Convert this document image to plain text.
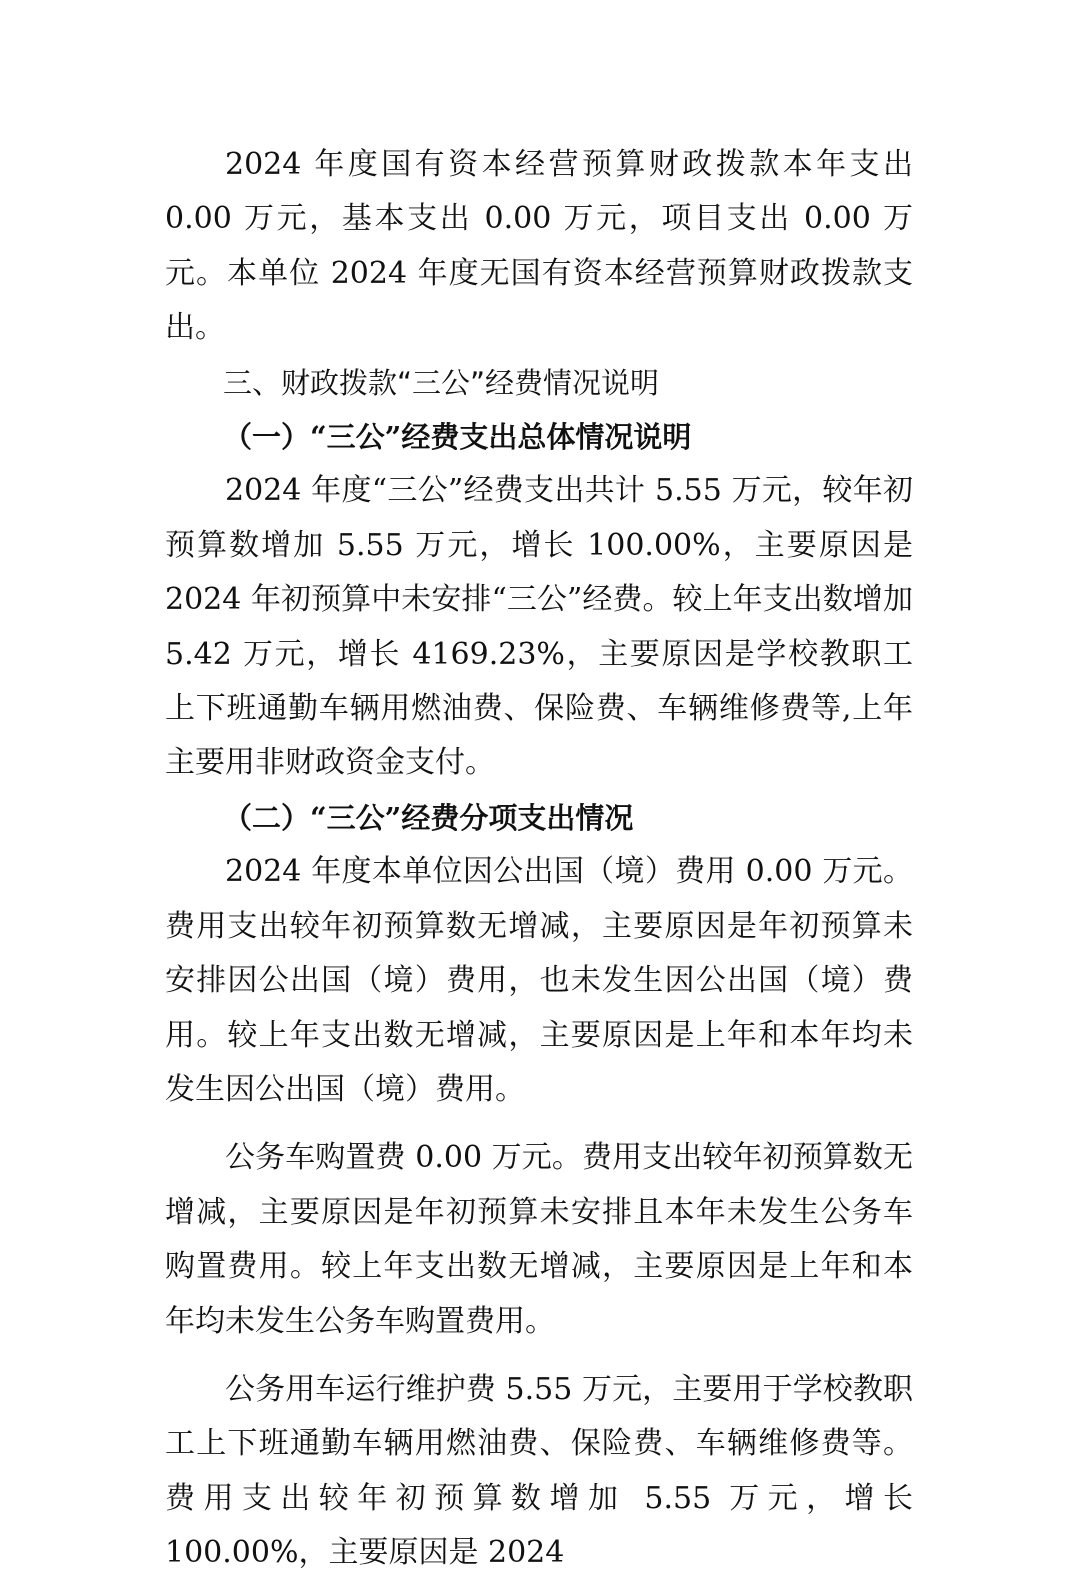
2024 年度国有资本经营预算财政拨款本年支出 0.00 万元，基本支出 0.00 万元，项目支出 0.00 万元。本单位 2024 年度无国有资本经营预算财政拨款支出。

三、财政拨款“三公”经费情况说明

（一）“三公”经费支出总体情况说明

2024 年度“三公”经费支出共计 5.55 万元，较年初预算数增加 5.55 万元，增长 100.00%，主要原因是 2024 年初预算中未安排“三公”经费。较上年支出数增加 5.42 万元，增长 4169.23%，主要原因是学校教职工上下班通勤车辆用燃油费、保险费、车辆维修费等,上年主要用非财政资金支付。

（二）“三公”经费分项支出情况

2024 年度本单位因公出国（境）费用 0.00 万元。费用支出较年初预算数无增减，主要原因是年初预算未安排因公出国（境）费用，也未发生因公出国（境）费用。较上年支出数无增减，主要原因是上年和本年均未发生因公出国（境）费用。

公务车购置费 0.00 万元。费用支出较年初预算数无增减，主要原因是年初预算未安排且本年未发生公务车购置费用。较上年支出数无增减，主要原因是上年和本年均未发生公务车购置费用。

公务用车运行维护费 5.55 万元，主要用于学校教职工上下班通勤车辆用燃油费、保险费、车辆维修费等。费用支出较年初预算数增加 5.55 万元，增长 100.00%，主要原因是 2024
